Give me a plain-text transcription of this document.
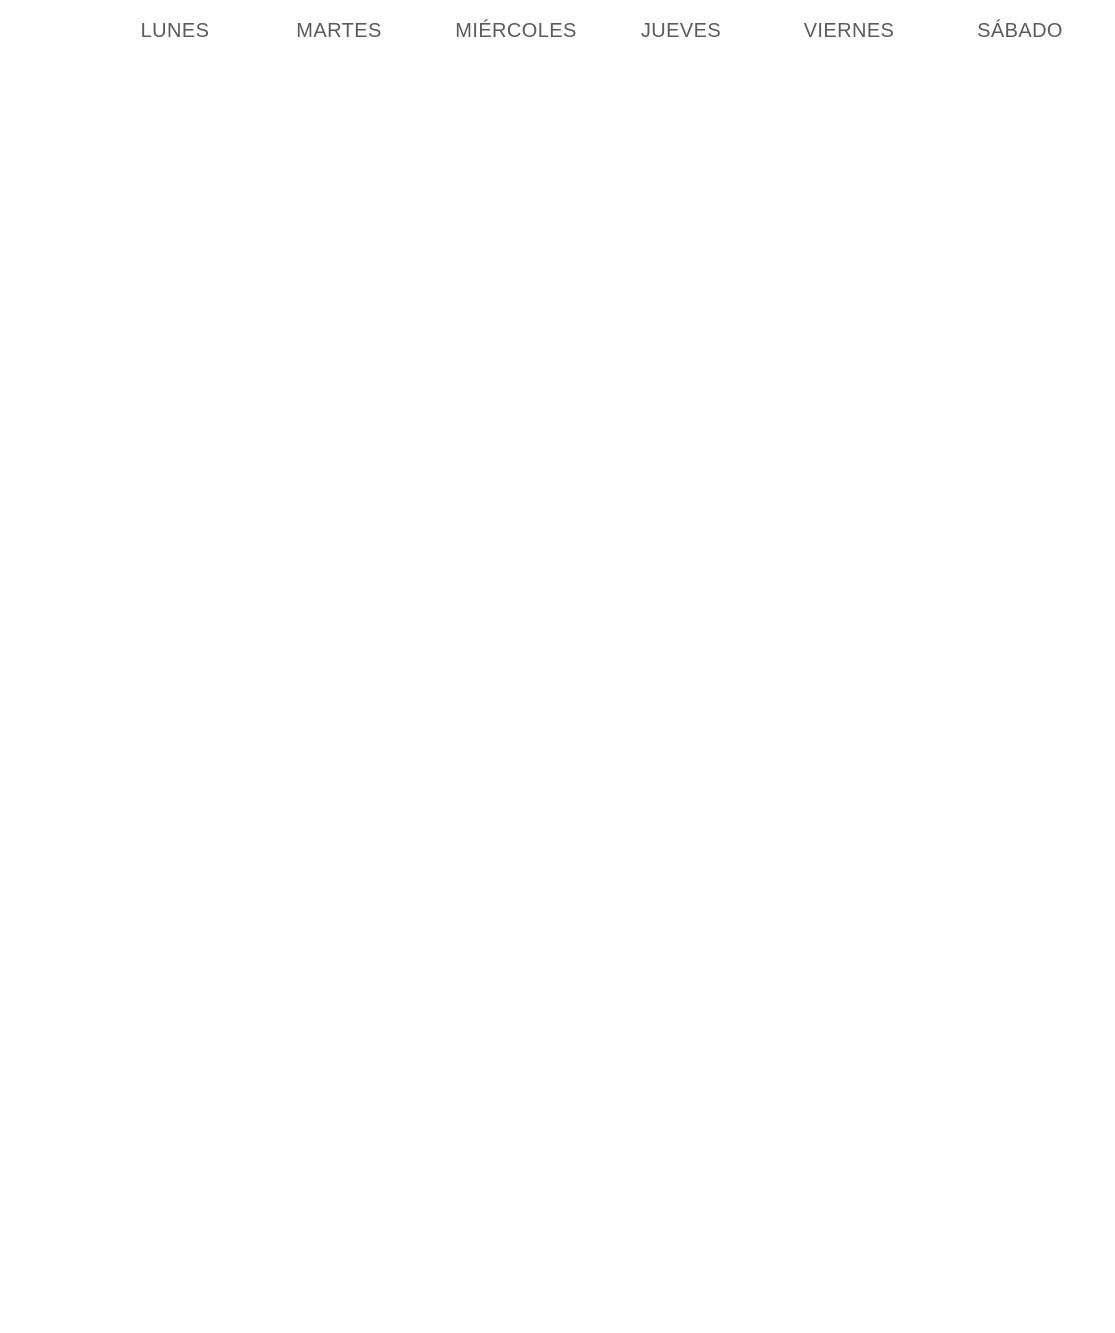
LUNES	MARTES	MIÉRCOLES	JUEVES	VIERNES	SÁBADO
